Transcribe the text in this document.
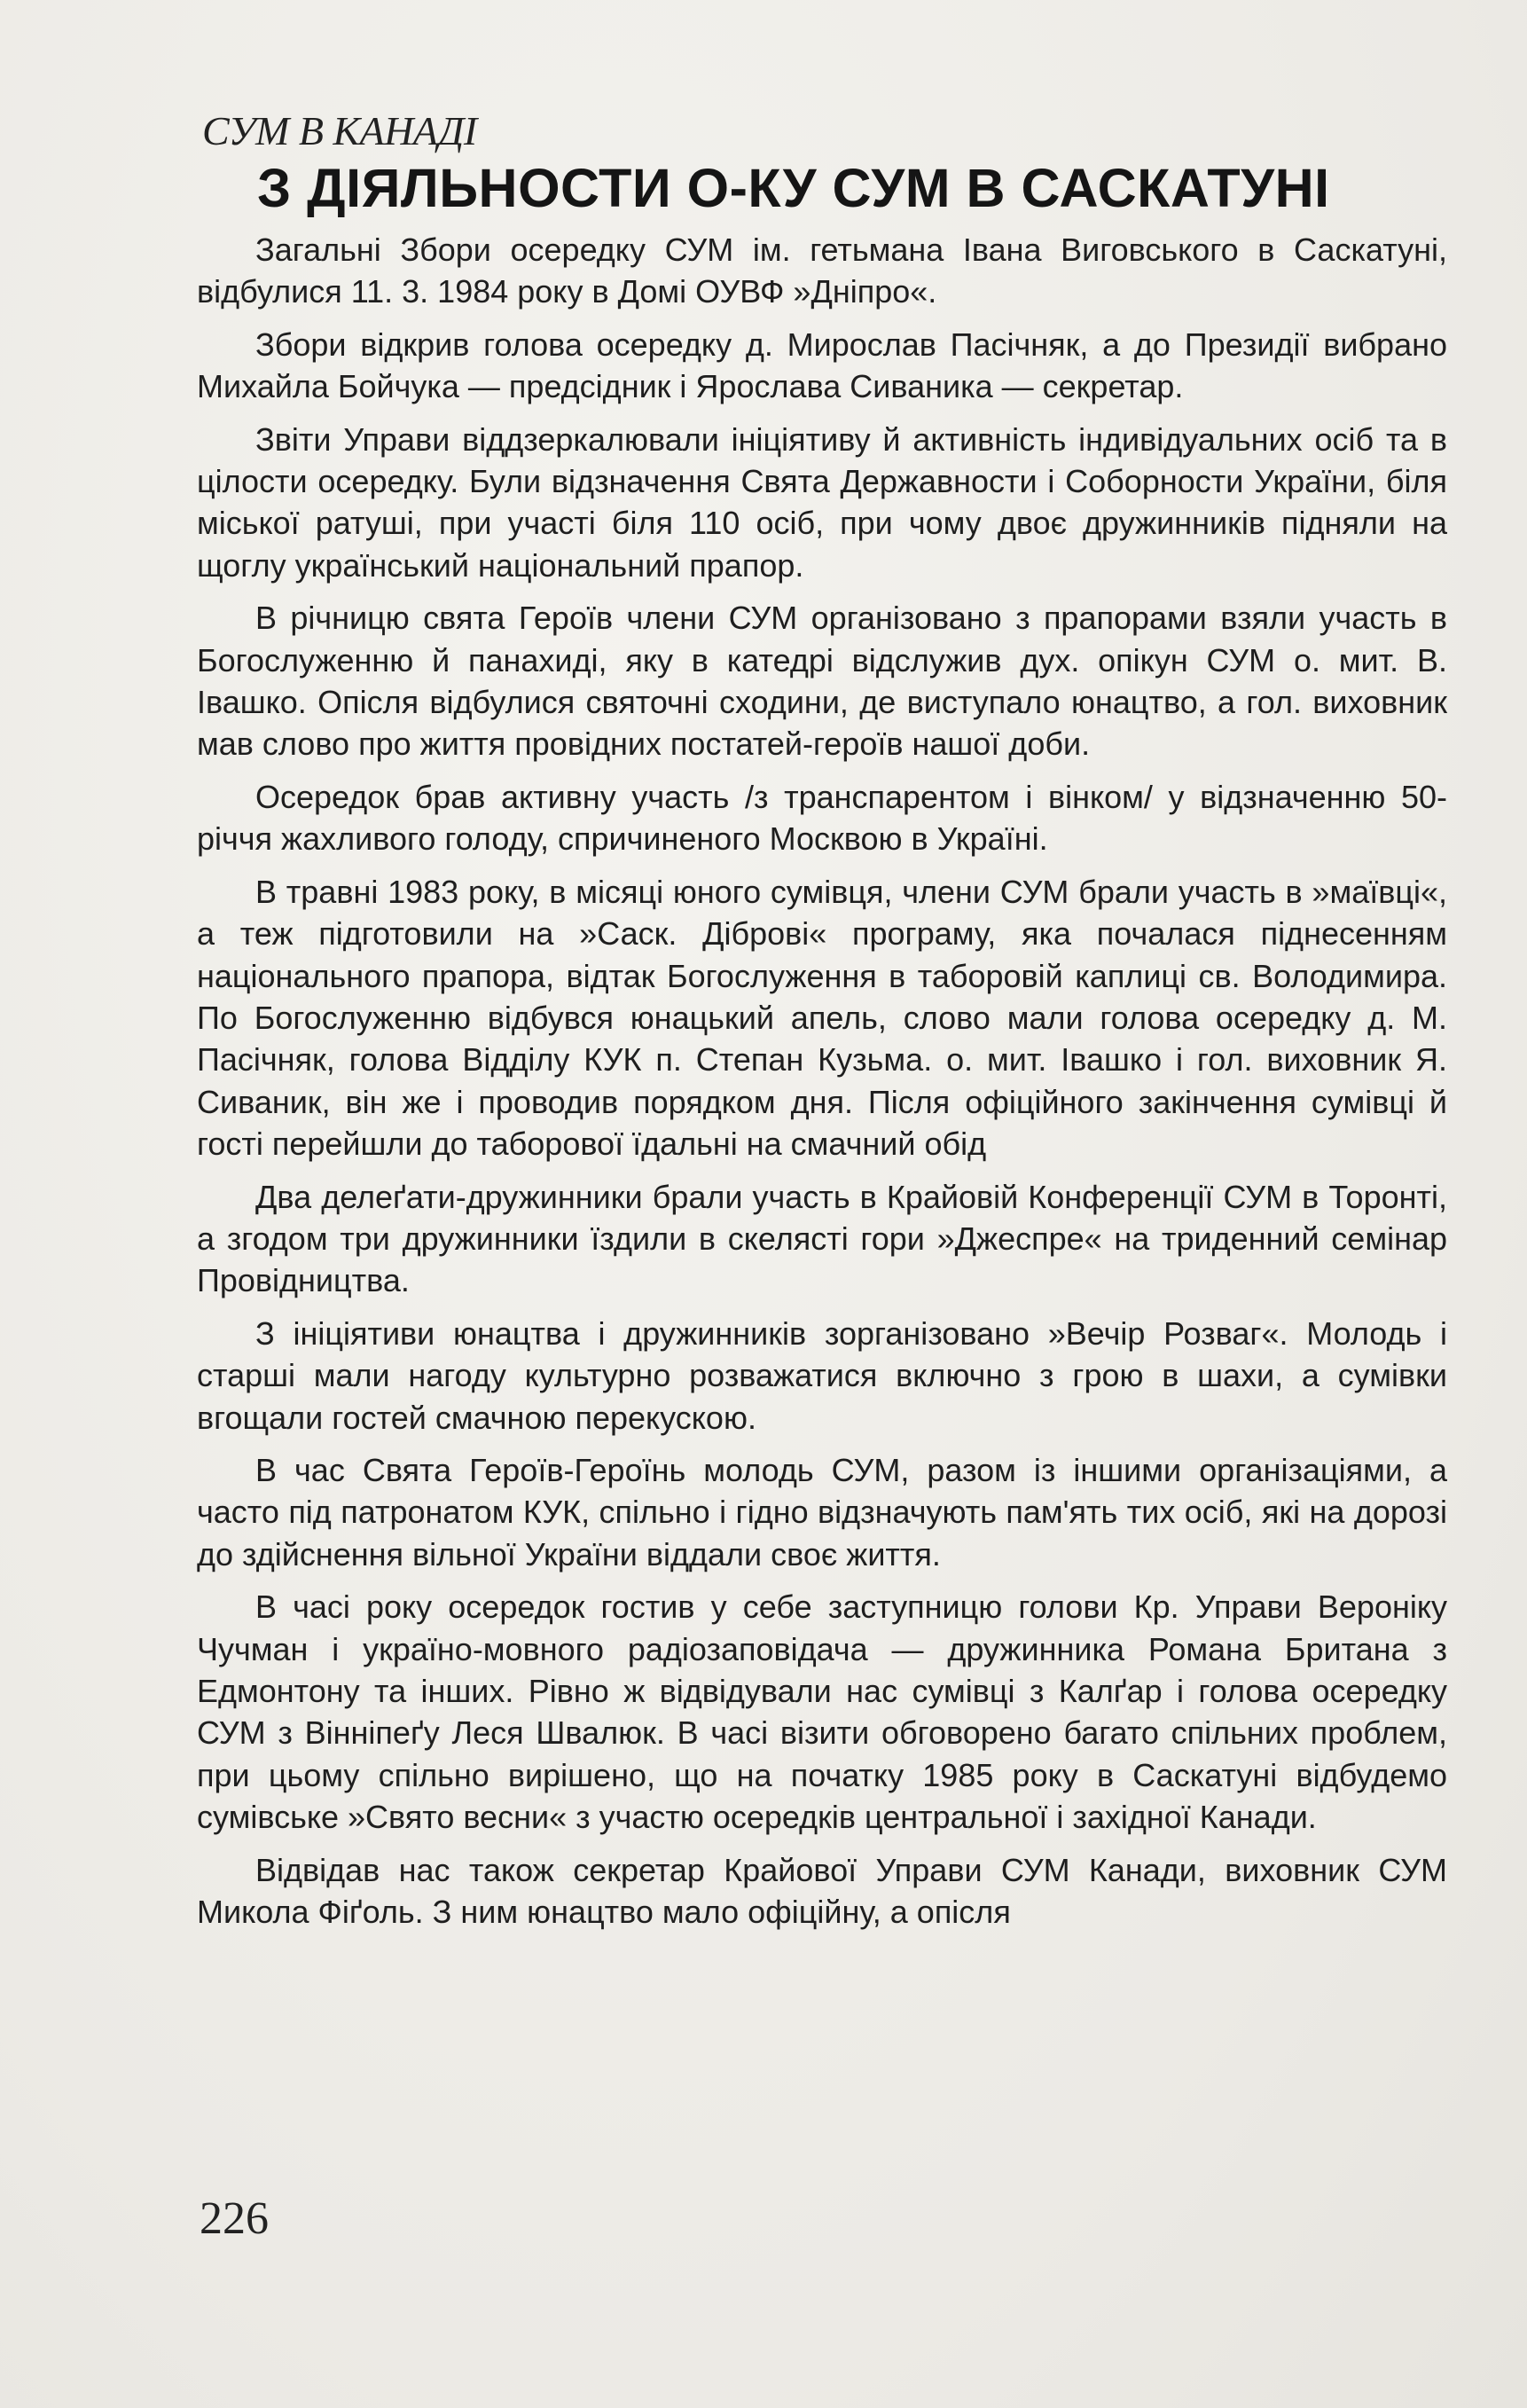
СУМ В КАНАДІ
З ДІЯЛЬНОСТИ О-КУ СУМ В САСКАТУНІ

Загальні Збори осередку СУМ ім. гетьмана Івана Виговського в Саскатуні, відбулися 11. 3. 1984 року в Домі ОУВФ »Дніпро«.

Збори відкрив голова осередку д. Мирослав Пасічняк, а до Президії вибрано Михайла Бойчука — предсідник і Ярослава Сиваника — секретар.

Звіти Управи віддзеркалювали ініціятиву й активність індивідуальних осіб та в цілости осередку. Були відзначення Свята Державности і Соборности України, біля міської ратуші, при участі біля 110 осіб, при чому двоє дружинників підняли на щоглу український національний прапор.

В річницю свята Героїв члени СУМ організовано з прапорами взяли участь в Богослуженню й панахиді, яку в катедрі відслужив дух. опікун СУМ о. мит. В. Івашко. Опісля відбулися святочні сходини, де виступало юнацтво, а гол. виховник мав слово про життя провідних постатей-героїв нашої доби.

Осередок брав активну участь /з транспарентом і вінком/ у відзначенню 50-річчя жахливого голоду, спричиненого Москвою в Україні.

В травні 1983 року, в місяці юного сумівця, члени СУМ брали участь в »маївці«, а теж підготовили на »Саск. Діброві« програму, яка почалася піднесенням національного прапора, відтак Богослуження в таборовій каплиці св. Володимира. По Богослуженню відбувся юнацький апель, слово мали голова осередку д. М. Пасічняк, голова Відділу КУК п. Степан Кузьма. о. мит. Івашко і гол. виховник Я. Сиваник, він же і проводив порядком дня. Після офіційного закінчення сумівці й гості перейшли до таборової їдальні на смачний обід

Два делеґати-дружинники брали участь в Крайовій Конференції СУМ в Торонті, а згодом три дружинники їздили в скелясті гори »Джеспре« на триденний семінар Провідництва.

З ініціятиви юнацтва і дружинників зорганізовано »Вечір Розваг«. Молодь і старші мали нагоду культурно розважатися включно з грою в шахи, а сумівки вгощали гостей смачною перекускою.

В час Свята Героїв-Героїнь молодь СУМ, разом із іншими організаціями, а часто під патронатом КУК, спільно і гідно відзначують пам'ять тих осіб, які на дорозі до здійснення вільної України віддали своє життя.

В часі року осередок гостив у себе заступницю голови Кр. Управи Вероніку Чучман і україно-мовного радіозаповідача — дружинника Романа Британа з Едмонтону та інших. Рівно ж відвідували нас сумівці з Калґар і голова осередку СУМ з Вінніпеґу Леся Швалюк. В часі візити обговорено багато спільних проблем, при цьому спільно вирішено, що на початку 1985 року в Саскатуні відбудемо сумівське »Свято весни« з участю осередків центральної і західної Канади.

Відвідав нас також секретар Крайової Управи СУМ Канади, виховник СУМ Микола Фіґоль. З ним юнацтво мало офіційну, а опісля

226
